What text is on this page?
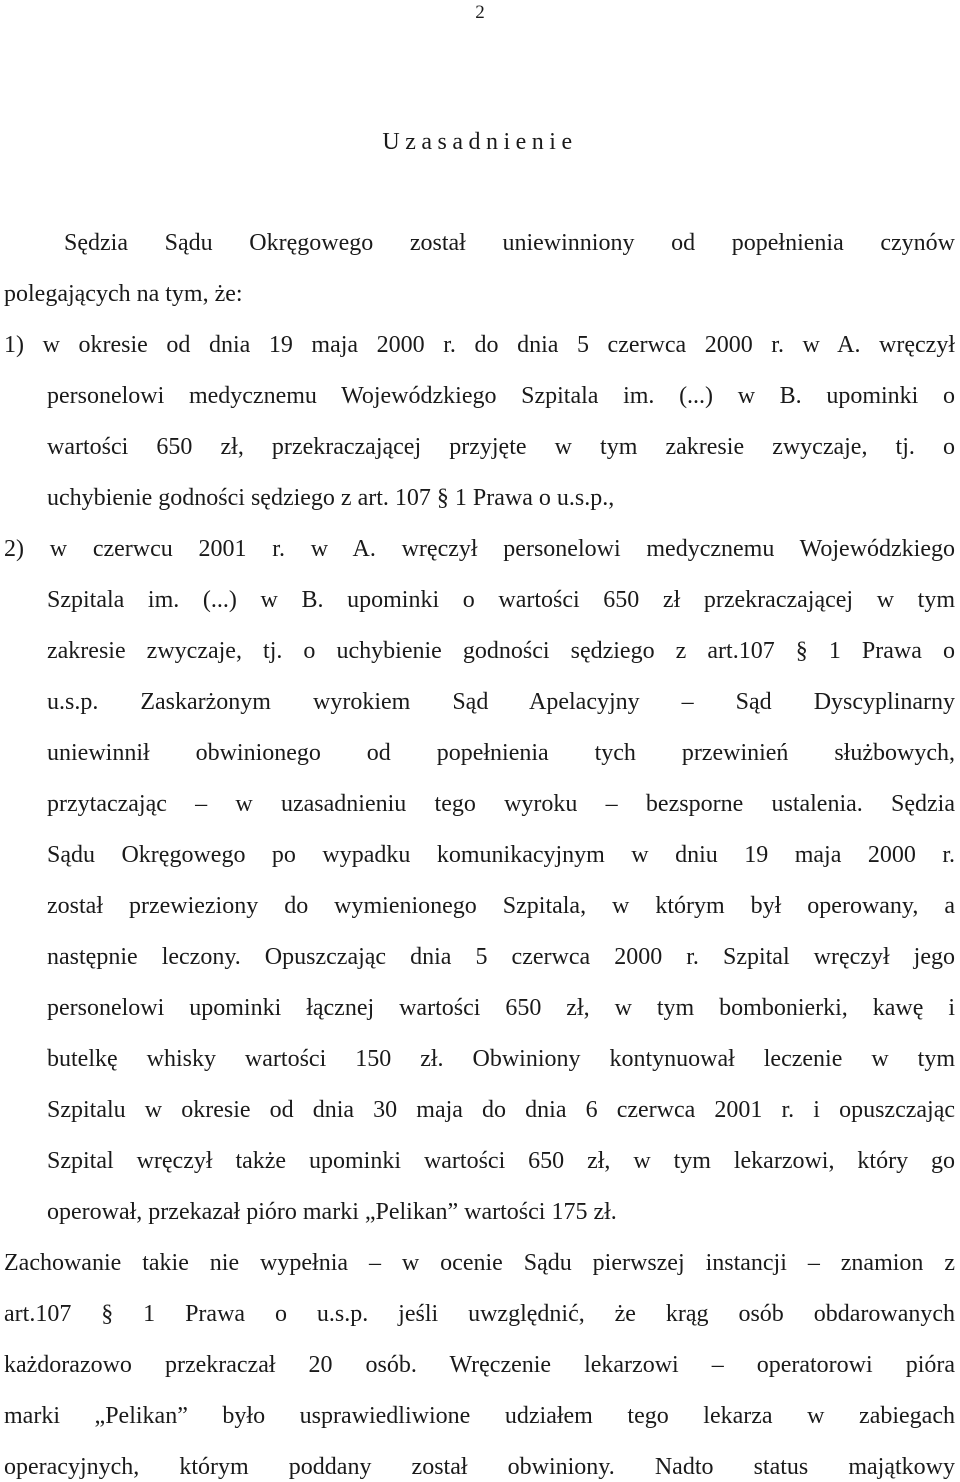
2
Uzasadnienie
Sędzia Sądu Okręgowego został uniewinniony od popełnienia czynów
polegających na tym, że:
1) w okresie od dnia 19 maja 2000 r. do dnia 5 czerwca 2000 r. w A. wręczył
personelowi medycznemu Wojewódzkiego Szpitala im. (...) w B. upominki o
wartości 650 zł, przekraczającej przyjęte w tym zakresie zwyczaje, tj. o
uchybienie godności sędziego z art. 107 § 1 Prawa o u.s.p.,
2) w czerwcu 2001 r. w A. wręczył personelowi medycznemu Wojewódzkiego
Szpitala im. (...) w B. upominki o wartości 650 zł przekraczającej w tym
zakresie zwyczaje, tj. o uchybienie godności sędziego z art.107 § 1 Prawa o
u.s.p. Zaskarżonym wyrokiem Sąd Apelacyjny – Sąd Dyscyplinarny
uniewinnił obwinionego od popełnienia tych przewinień służbowych,
przytaczając – w uzasadnieniu tego wyroku – bezsporne ustalenia. Sędzia
Sądu Okręgowego po wypadku komunikacyjnym w dniu 19 maja 2000 r.
został przewieziony do wymienionego Szpitala, w którym był operowany, a
następnie leczony. Opuszczając dnia 5 czerwca 2000 r. Szpital wręczył jego
personelowi upominki łącznej wartości 650 zł, w tym bombonierki, kawę i
butelkę whisky wartości 150 zł. Obwiniony kontynuował leczenie w tym
Szpitalu w okresie od dnia 30 maja do dnia 6 czerwca 2001 r. i opuszczając
Szpital wręczył także upominki wartości 650 zł, w tym lekarzowi, który go
operował, przekazał pióro marki „Pelikan” wartości 175 zł.
Zachowanie takie nie wypełnia – w ocenie Sądu pierwszej instancji – znamion z
art.107 § 1 Prawa o u.s.p. jeśli uwzględnić, że krąg osób obdarowanych
każdorazowo przekraczał 20 osób. Wręczenie lekarzowi – operatorowi pióra
marki „Pelikan” było usprawiedliwione udziałem tego lekarza w zabiegach
operacyjnych, którym poddany został obwiniony. Nadto status majątkowy
